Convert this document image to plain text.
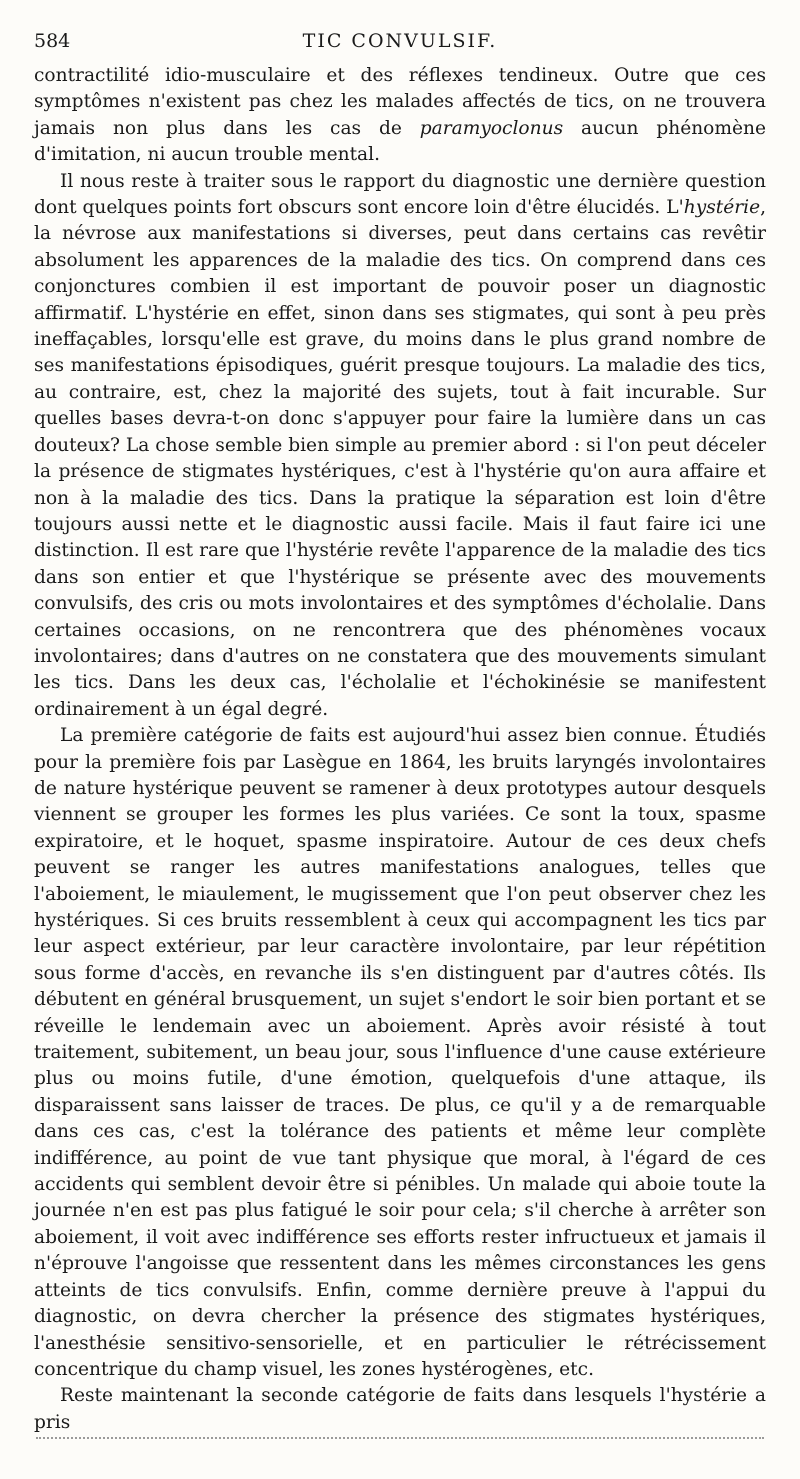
584	TIC CONVULSIF.

contractilité idio-musculaire et des réflexes tendineux. Outre que ces symptômes n'existent pas chez les malades affectés de tics, on ne trouvera jamais non plus dans les cas de paramyoclonus aucun phénomène d'imitation, ni aucun trouble mental.

Il nous reste à traiter sous le rapport du diagnostic une dernière question dont quelques points fort obscurs sont encore loin d'être élucidés. L'hystérie, la névrose aux manifestations si diverses, peut dans certains cas revêtir absolument les apparences de la maladie des tics. On comprend dans ces conjonctures combien il est important de pouvoir poser un diagnostic affirmatif. L'hystérie en effet, sinon dans ses stigmates, qui sont à peu près ineffaçables, lorsqu'elle est grave, du moins dans le plus grand nombre de ses manifestations épisodiques, guérit presque toujours. La maladie des tics, au contraire, est, chez la majorité des sujets, tout à fait incurable. Sur quelles bases devra-t-on donc s'appuyer pour faire la lumière dans un cas douteux? La chose semble bien simple au premier abord : si l'on peut déceler la présence de stigmates hystériques, c'est à l'hystérie qu'on aura affaire et non à la maladie des tics. Dans la pratique la séparation est loin d'être toujours aussi nette et le diagnostic aussi facile. Mais il faut faire ici une distinction. Il est rare que l'hystérie revête l'apparence de la maladie des tics dans son entier et que l'hystérique se présente avec des mouvements convulsifs, des cris ou mots involontaires et des symptômes d'écholalie. Dans certaines occasions, on ne rencontrera que des phénomènes vocaux involontaires; dans d'autres on ne constatera que des mouvements simulant les tics. Dans les deux cas, l'écholalie et l'échokinésie se manifestent ordinairement à un égal degré.

La première catégorie de faits est aujourd'hui assez bien connue. Étudiés pour la première fois par Lasègue en 1864, les bruits laryngés involontaires de nature hystérique peuvent se ramener à deux prototypes autour desquels viennent se grouper les formes les plus variées. Ce sont la toux, spasme expiratoire, et le hoquet, spasme inspiratoire. Autour de ces deux chefs peuvent se ranger les autres manifestations analogues, telles que l'aboiement, le miaulement, le mugissement que l'on peut observer chez les hystériques. Si ces bruits ressemblent à ceux qui accompagnent les tics par leur aspect extérieur, par leur caractère involontaire, par leur répétition sous forme d'accès, en revanche ils s'en distinguent par d'autres côtés. Ils débutent en général brusquement, un sujet s'endort le soir bien portant et se réveille le lendemain avec un aboiement. Après avoir résisté à tout traitement, subitement, un beau jour, sous l'influence d'une cause extérieure plus ou moins futile, d'une émotion, quelquefois d'une attaque, ils disparaissent sans laisser de traces. De plus, ce qu'il y a de remarquable dans ces cas, c'est la tolérance des patients et même leur complète indifférence, au point de vue tant physique que moral, à l'égard de ces accidents qui semblent devoir être si pénibles. Un malade qui aboie toute la journée n'en est pas plus fatigué le soir pour cela; s'il cherche à arrêter son aboiement, il voit avec indifférence ses efforts rester infructueux et jamais il n'éprouve l'angoisse que ressentent dans les mêmes circonstances les gens atteints de tics convulsifs. Enfin, comme dernière preuve à l'appui du diagnostic, on devra chercher la présence des stigmates hystériques, l'anesthésie sensitivo-sensorielle, et en particulier le rétrécissement concentrique du champ visuel, les zones hystérogènes, etc.

Reste maintenant la seconde catégorie de faits dans lesquels l'hystérie a pris
